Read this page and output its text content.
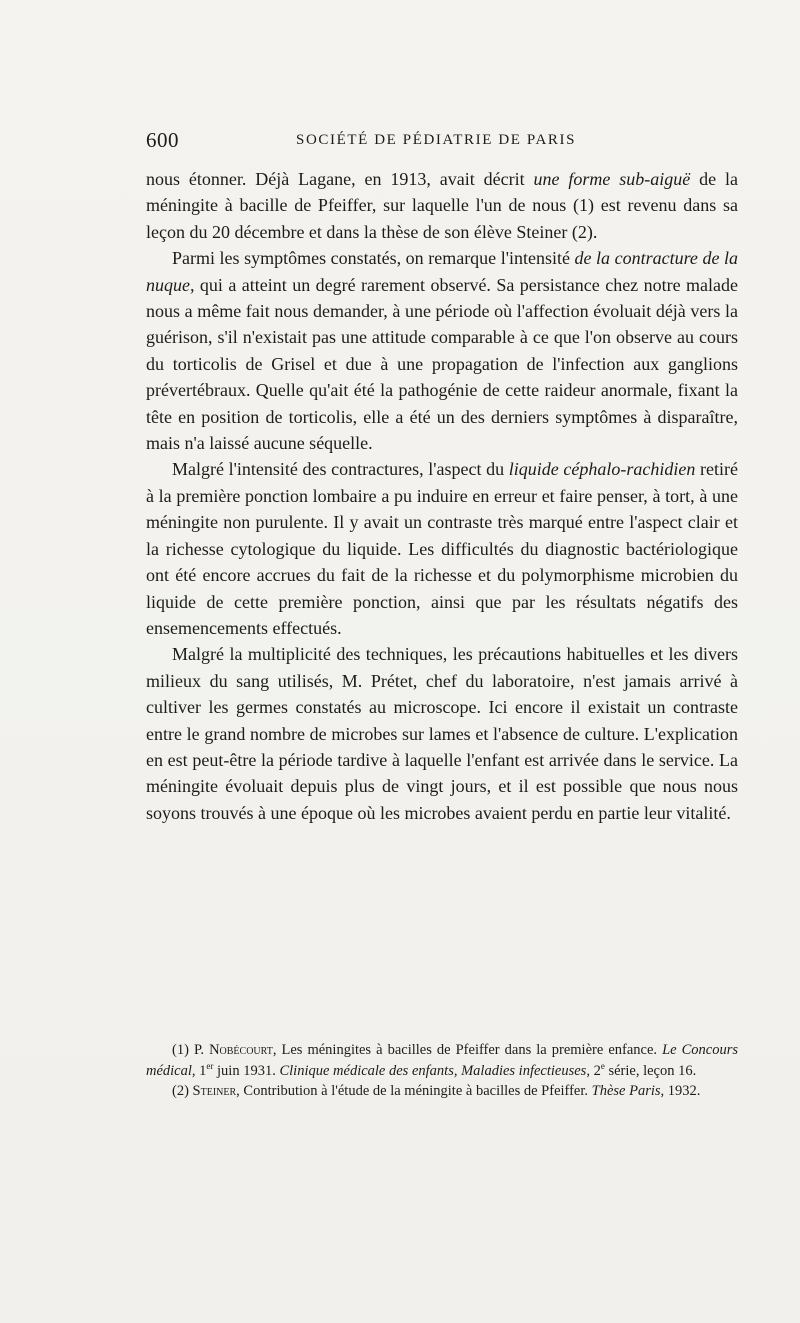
600	SOCIÉTÉ DE PÉDIATRIE DE PARIS

nous étonner. Déjà Lagane, en 1913, avait décrit une forme sub-aiguë de la méningite à bacille de Pfeiffer, sur laquelle l'un de nous (1) est revenu dans sa leçon du 20 décembre et dans la thèse de son élève Steiner (2).

Parmi les symptômes constatés, on remarque l'intensité de la contracture de la nuque, qui a atteint un degré rarement observé. Sa persistance chez notre malade nous a même fait nous demander, à une période où l'affection évoluait déjà vers la guérison, s'il n'existait pas une attitude comparable à ce que l'on observe au cours du torticolis de Grisel et due à une propagation de l'infection aux ganglions prévertébraux. Quelle qu'ait été la pathogénie de cette raideur anormale, fixant la tête en position de torticolis, elle a été un des derniers symptômes à disparaître, mais n'a laissé aucune séquelle.

Malgré l'intensité des contractures, l'aspect du liquide céphalo-rachidien retiré à la première ponction lombaire a pu induire en erreur et faire penser, à tort, à une méningite non purulente. Il y avait un contraste très marqué entre l'aspect clair et la richesse cytologique du liquide. Les difficultés du diagnostic bactériologique ont été encore accrues du fait de la richesse et du polymorphisme microbien du liquide de cette première ponction, ainsi que par les résultats négatifs des ensemencements effectués.

Malgré la multiplicité des techniques, les précautions habituelles et les divers milieux du sang utilisés, M. Prétet, chef du laboratoire, n'est jamais arrivé à cultiver les germes constatés au microscope. Ici encore il existait un contraste entre le grand nombre de microbes sur lames et l'absence de culture. L'explication en est peut-être la période tardive à laquelle l'enfant est arrivée dans le service. La méningite évoluait depuis plus de vingt jours, et il est possible que nous nous soyons trouvés à une époque où les microbes avaient perdu en partie leur vitalité.

(1) P. Nobécourt, Les méningites à bacilles de Pfeiffer dans la première enfance. Le Concours médical, 1er juin 1931. Clinique médicale des enfants, Maladies infectieuses, 2e série, leçon 16.

(2) Steiner, Contribution à l'étude de la méningite à bacilles de Pfeiffer. Thèse Paris, 1932.
